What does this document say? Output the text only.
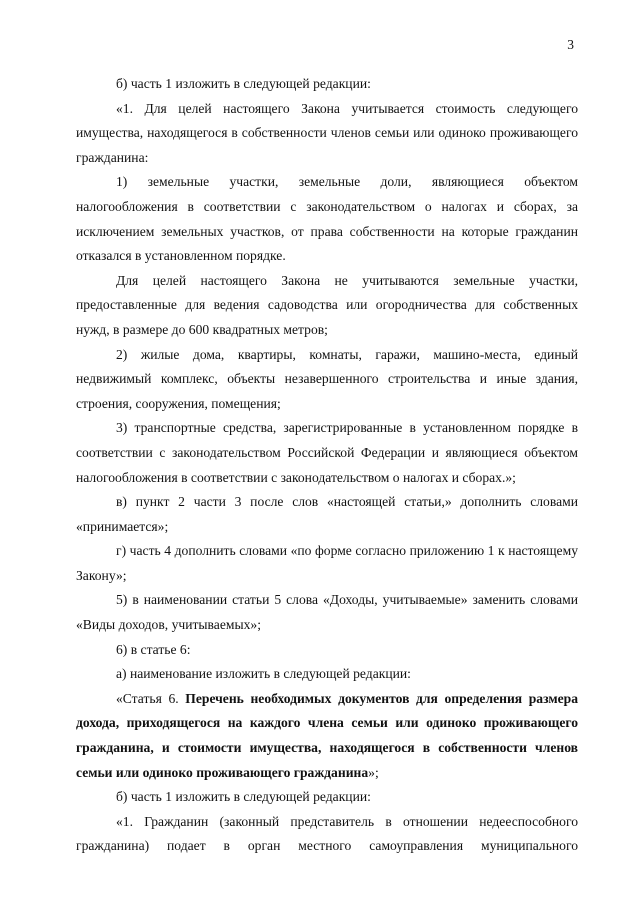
3

б) часть 1 изложить в следующей редакции:

«1. Для целей настоящего Закона учитывается стоимость следующего имущества, находящегося в собственности членов семьи или одиноко проживающего гражданина:

1) земельные участки, земельные доли, являющиеся объектом налогообложения в соответствии с законодательством о налогах и сборах, за исключением земельных участков, от права собственности на которые гражданин отказался в установленном порядке.

Для целей настоящего Закона не учитываются земельные участки, предоставленные для ведения садоводства или огородничества для собственных нужд, в размере до 600 квадратных метров;

2) жилые дома, квартиры, комнаты, гаражи, машино-места, единый недвижимый комплекс, объекты незавершенного строительства и иные здания, строения, сооружения, помещения;

3) транспортные средства, зарегистрированные в установленном порядке в соответствии с законодательством Российской Федерации и являющиеся объектом налогообложения в соответствии с законодательством о налогах и сборах.»;

в) пункт 2 части 3 после слов «настоящей статьи,» дополнить словами «принимается»;

г) часть 4 дополнить словами «по форме согласно приложению 1 к настоящему Закону»;

5) в наименовании статьи 5 слова «Доходы, учитываемые» заменить словами «Виды доходов, учитываемых»;

6) в статье 6:

а) наименование изложить в следующей редакции:

«Статья 6. Перечень необходимых документов для определения размера дохода, приходящегося на каждого члена семьи или одиноко проживающего гражданина, и стоимости имущества, находящегося в собственности членов семьи или одиноко проживающего гражданина»;

б) часть 1 изложить в следующей редакции:

«1. Гражданин (законный представитель в отношении недееспособного гражданина) подает в орган местного самоуправления муниципального
